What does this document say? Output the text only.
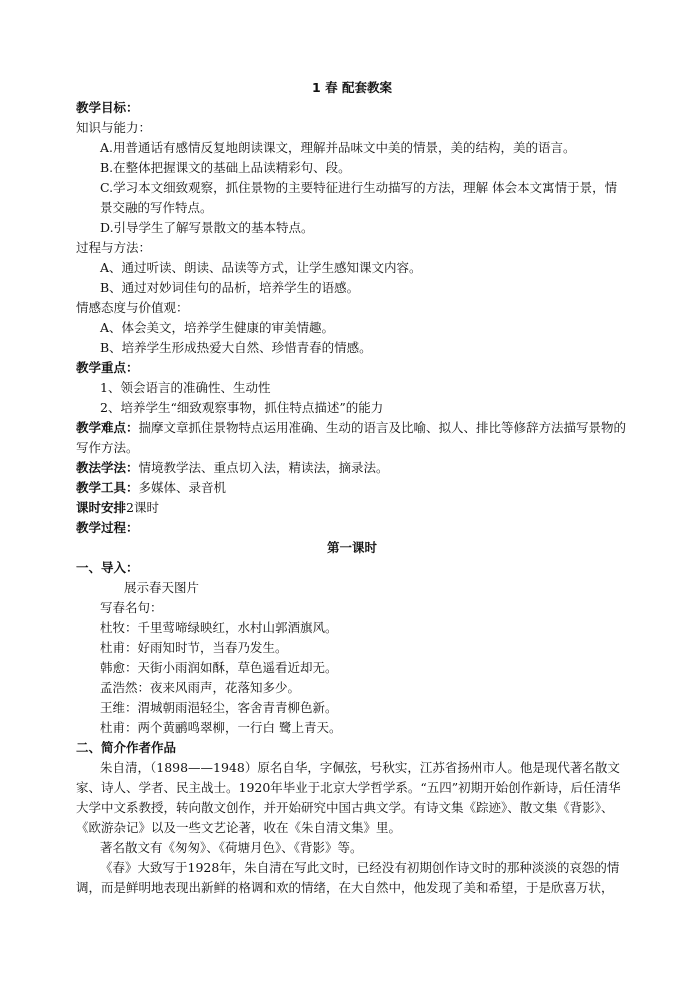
1 春 配套教案
教学目标：
知识与能力：
A.用普通话有感情反复地朗读课文，理解并品味文中美的情景，美的结构，美的语言。
B.在整体把握课文的基础上品读精彩句、段。
C.学习本文细致观察，抓住景物的主要特征进行生动描写的方法，理解 体会本文寓情于景，情景交融的写作特点。
D.引导学生了解写景散文的基本特点。
过程与方法：
A、通过听读、朗读、品读等方式，让学生感知课文内容。
B、通过对妙词佳句的品析，培养学生的语感。
情感态度与价值观：
A、体会美文，培养学生健康的审美情趣。
B、培养学生形成热爱大自然、珍惜青春的情感。
教学重点：
1、领会语言的准确性、生动性
2、培养学生“细致观察事物，抓住特点描述”的能力
教学难点：揣摩文章抓住景物特点运用准确、生动的语言及比喻、拟人、排比等修辞方法描写景物的写作方法。
教法学法：情境教学法、重点切入法，精读法，摘录法。
教学工具：多媒体、录音机
课时安排2课时
教学过程：
第一课时
一、导入：
展示春天图片
写春名句：
杜牧：千里莺啼绿映红，水村山郭酒旗风。
杜甫：好雨知时节，当春乃发生。
韩愈：天街小雨润如酥，草色遥看近却无。
孟浩然：夜来风雨声，花落知多少。
王维：渭城朝雨浥轻尘，客舍青青柳色新。
杜甫：两个黄鹂鸣翠柳，一行白 鹭上青天。
二、简介作者作品
朱自清，（1898——1948）原名自华，字佩弦，号秋实，江苏省扬州市人。他是现代著名散文家、诗人、学者、民主战士。1920年毕业于北京大学哲学系。“五四”初期开始创作新诗，后任清华大学中文系教授，转向散文创作，并开始研究中国古典文学。有诗文集《踪迹》、散文集《背影》、《欧游杂记》以及一些文艺论著，收在《朱自清文集》里。
著名散文有《匆匆》、《荷塘月色》、《背影》等。
《春》大致写于1928年，朱自清在写此文时，已经没有初期创作诗文时的那种淡淡的哀怨的情调，而是鲜明地表现出新鲜的格调和欢的情绪，在大自然中，他发现了美和希望，于是欣喜万状，
